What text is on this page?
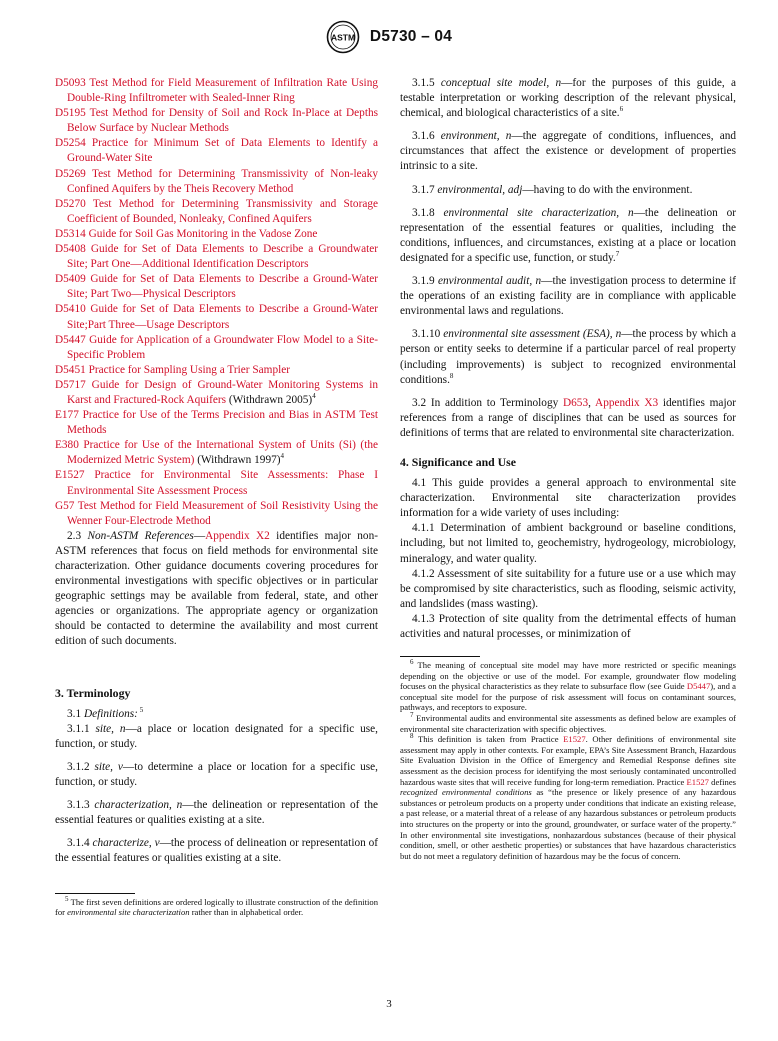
ASTM D5730 – 04
D5093 Test Method for Field Measurement of Infiltration Rate Using Double-Ring Infiltrometer with Sealed-Inner Ring
D5195 Test Method for Density of Soil and Rock In-Place at Depths Below Surface by Nuclear Methods
D5254 Practice for Minimum Set of Data Elements to Identify a Ground-Water Site
D5269 Test Method for Determining Transmissivity of Non-leaky Confined Aquifers by the Theis Recovery Method
D5270 Test Method for Determining Transmissivity and Storage Coefficient of Bounded, Nonleaky, Confined Aquifers
D5314 Guide for Soil Gas Monitoring in the Vadose Zone
D5408 Guide for Set of Data Elements to Describe a Groundwater Site; Part One—Additional Identification Descriptors
D5409 Guide for Set of Data Elements to Describe a Ground-Water Site; Part Two—Physical Descriptors
D5410 Guide for Set of Data Elements to Describe a Ground-Water Site;Part Three—Usage Descriptors
D5447 Guide for Application of a Groundwater Flow Model to a Site-Specific Problem
D5451 Practice for Sampling Using a Trier Sampler
D5717 Guide for Design of Ground-Water Monitoring Systems in Karst and Fractured-Rock Aquifers (Withdrawn 2005)$^4$
E177 Practice for Use of the Terms Precision and Bias in ASTM Test Methods
E380 Practice for Use of the International System of Units (Si) (the Modernized Metric System) (Withdrawn 1997)$^4$
E1527 Practice for Environmental Site Assessments: Phase I Environmental Site Assessment Process
G57 Test Method for Field Measurement of Soil Resistivity Using the Wenner Four-Electrode Method

2.3 Non-ASTM References—Appendix X2 identifies major non-ASTM references that focus on field methods for environmental site characterization. Other guidance documents covering procedures for environmental investigations with specific objectives or in particular geographic settings may be available from federal, state, and other agencies or organizations. The appropriate agency or organization should be contacted to determine the availability and most current edition of such documents.

3. Terminology

3.1 Definitions: $^5$

3.1.1 site, n—a place or location designated for a specific use, function, or study.

3.1.2 site, v—to determine a place or location for a specific use, function, or study.

3.1.3 characterization, n—the delineation or representation of the essential features or qualities existing at a site.

3.1.4 characterize, v—the process of delineation or representation of the essential features or qualities existing at a site.

$^5$ The first seven definitions are ordered logically to illustrate construction of the definition for environmental site characterization rather than in alphabetical order.

3.1.5 conceptual site model, n—for the purposes of this guide, a testable interpretation or working description of the relevant physical, chemical, and biological characteristics of a site.$^6$

3.1.6 environment, n—the aggregate of conditions, influences, and circumstances that affect the existence or development of properties intrinsic to a site.

3.1.7 environmental, adj—having to do with the environment.

3.1.8 environmental site characterization, n—the delineation or representation of the essential features or qualities, including the conditions, influences, and circumstances, existing at a place or location designated for a specific use, function, or study.$^7$

3.1.9 environmental audit, n—the investigation process to determine if the operations of an existing facility are in compliance with applicable environmental laws and regulations.

3.1.10 environmental site assessment (ESA), n—the process by which a person or entity seeks to determine if a particular parcel of real property (including improvements) is subject to recognized environmental conditions.$^8$

3.2 In addition to Terminology D653, Appendix X3 identifies major references from a range of disciplines that can be used as sources for definitions of terms that are related to environmental site characterization.

4. Significance and Use

4.1 This guide provides a general approach to environmental site characterization. Environmental site characterization provides information for a wide variety of uses including:

4.1.1 Determination of ambient background or baseline conditions, including, but not limited to, geochemistry, hydrogeology, microbiology, mineralogy, and water quality.

4.1.2 Assessment of site suitability for a future use or a use which may be compromised by site characteristics, such as flooding, seismic activity, and landslides (mass wasting).

4.1.3 Protection of site quality from the detrimental effects of human activities and natural processes, or minimization of

$^6$ The meaning of conceptual site model may have more restricted or specific meanings depending on the objective or use of the model. For example, groundwater flow modeling focuses on the physical characteristics as they relate to subsurface flow (see Guide D5447), and a conceptual site model for the purpose of risk assessment will focus on contaminant sources, pathways, and receptors to exposure.

$^7$ Environmental audits and environmental site assessments as defined below are examples of environmental site characterization with specific objectives.

$^8$ This definition is taken from Practice E1527. Other definitions of environmental site assessment may apply in other contexts. For example, EPA’s Site Assessment Branch, Hazardous Site Evaluation Division in the Office of Emergency and Remedial Response defines site assessment as the decision process for identifying the most seriously contaminated uncontrolled hazardous waste sites that will receive funding for long-term remediation. Practice E1527 defines recognized environmental conditions as “the presence or likely presence of any hazardous substances or petroleum products on a property under conditions that indicate an existing release, a past release, or a material threat of a release of any hazardous substances or petroleum products into structures on the property or into the ground, groundwater, or surface water of the property.” In other environmental site investigations, nonhazardous substances (because of their physical condition, smell, or other aesthetic properties) or substances that have hazardous characteristics but do not meet a regulatory definition of hazardous may be the focus of concern.

3
